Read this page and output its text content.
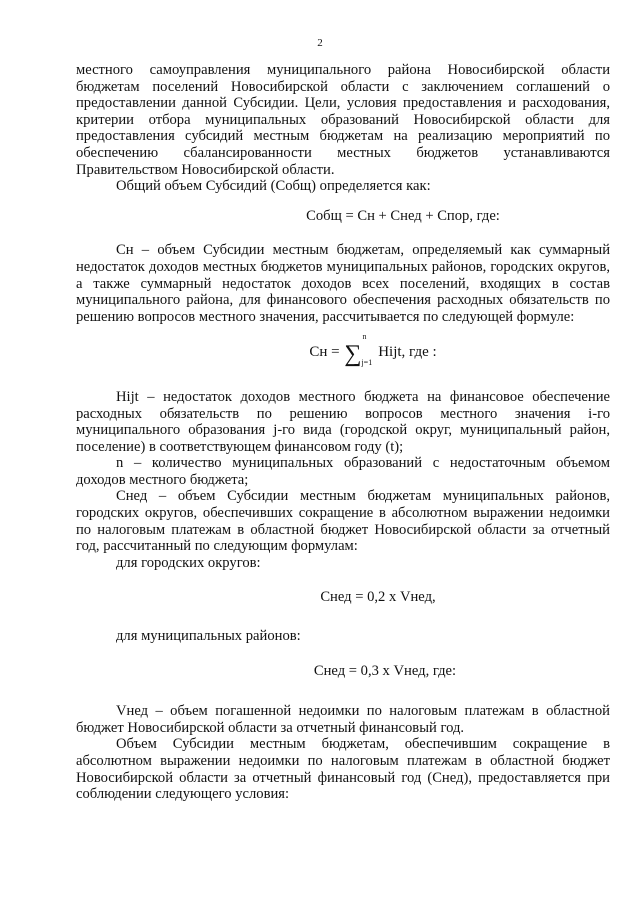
2

местного самоуправления муниципального района Новосибирской области бюджетам поселений Новосибирской области с заключением соглашений о предоставлении данной Субсидии. Цели, условия предоставления и расходования, критерии отбора муниципальных образований Новосибирской области для предоставления субсидий местным бюджетам на реализацию мероприятий по обеспечению сбалансированности местных бюджетов устанавливаются Правительством Новосибирской области.

Общий объем Субсидий (Собщ) определяется как:

Cобщ = Cн + Cнед + Cпор, где:

Сн – объем Субсидии местным бюджетам, определяемый как суммарный недостаток доходов местных бюджетов муниципальных районов, городских округов, а также суммарный недостаток доходов всех поселений, входящих в состав муниципального района, для финансового обеспечения расходных обязательств по решению вопросов местного значения, рассчитывается по следующей формуле:

Сн = ∑
n
j=1
Hijt, где :

Hijt – недостаток доходов местного бюджета на финансовое обеспечение расходных обязательств по решению вопросов местного значения i-го муниципального образования j-го вида (городской округ, муниципальный район, поселение) в соответствующем финансовом году (t);

n – количество муниципальных образований с недостаточным объемом доходов местного бюджета;

Снед – объем Субсидии местным бюджетам муниципальных районов, городских округов, обеспечивших сокращение в абсолютном выражении недоимки по налоговым платежам в областной бюджет Новосибирской области за отчетный год, рассчитанный по следующим формулам:

для городских округов:

Снед = 0,2 х Vнед,

для муниципальных районов:

Снед = 0,3 х Vнед, где:

Vнед – объем погашенной недоимки по налоговым платежам в областной бюджет Новосибирской области за отчетный финансовый год.

Объем Субсидии местным бюджетам, обеспечившим сокращение в абсолютном выражении недоимки по налоговым платежам в областной бюджет Новосибирской области за отчетный финансовый год (Снед), предоставляется при соблюдении следующего условия:
